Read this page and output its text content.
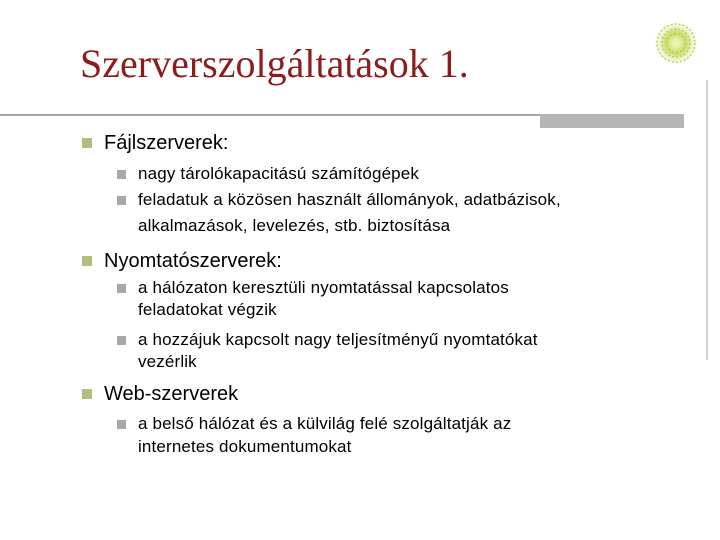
Szerverszolgáltatások 1.
Fájlszerverek:
nagy tárolókapacitású számítógépek
feladatuk a közösen használt állományok, adatbázisok,
alkalmazások, levelezés, stb. biztosítása
Nyomtatószerverek:
a hálózaton keresztüli nyomtatással kapcsolatos
feladatokat végzik
a hozzájuk kapcsolt nagy teljesítményű nyomtatókat
vezérlik
Web-szerverek
a belső hálózat és a külvilág felé szolgáltatják az
internetes dokumentumokat
